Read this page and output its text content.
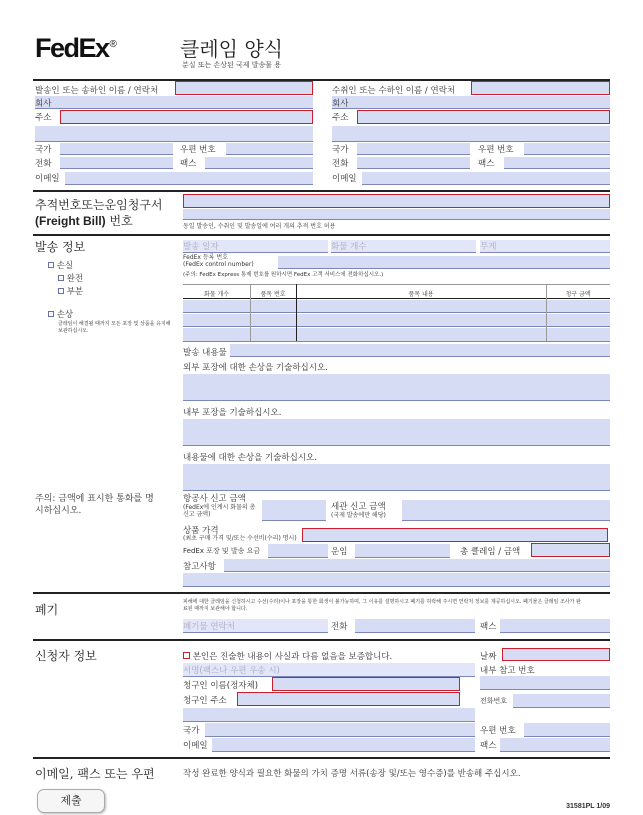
FedEx®	클레임 양식
분실 또는 손상된 국제 발송물 용
발송인 또는 송하인 이름 / 연락처
회사
주소
국가	우편 번호
전화	팩스
이메일
수취인 또는 수하인 이름 / 연락처
회사
주소
국가	우편 번호
전화	팩스
이메일
추적번호또는운임청구서
(Freight Bill) 번호	동일 발송인, 수취인 및 발송일에 여러 개의 추적 번호 허용
발송 정보
손실
완전
부분
손상
클레임이 해결될 때까지 모든 포장 및 상품을 유지해 보관하십시오.
FedEx 등록 번호
(FedEx control number)
(주의: FedEx Express 통제 번호를 원하시면 FedEx 고객 서비스에 전화하십시오.)
화물 개수	품목 번호	품목 내용	청구 금액
발송 내용물
외부 포장에 대한 손상을 기술하십시오.
내부 포장을 기술하십시오.
내용물에 대한 손상을 기술하십시오.
주의: 금액에 표시한 통화를 명시하십시오.
항공사 신고 금액
(FedEx에 인계시 화물의 총 신고 금액)
세관 신고 금액
(국제 발송에만 해당)
상품 가격
(최초 구매 가격 및/또는 수선비(수리) 명시)
FedEx 포장 및 발송 요금	운임	총 클레임 / 금액
참고사항
폐기
피해에 대한 클레임을 신청하시고 수선(수리)이나 포장을 통한 회생이 불가능하며, 그 이유를 설명하시고 폐기를 허락해 주시면 연락처 정보를 제공하십시오. 폐기물은 클레임 조사가 완료된 때까지 보관해야 합니다.
전화	팩스
신청자 정보	본인은 진술한 내용이 사실과 다름 없음을 보증합니다.	날짜
내부 참고 번호
청구인 이름(정자체)
청구인 주소	전화번호
국가	우편 번호
이메일	팩스
이메일, 팩스 또는 우편	작성 완료한 양식과 필요한 화물의 가치 증명 서류(송장 및/또는 영수증)를 반송해 주십시오.
제출	31581PL 1/09
